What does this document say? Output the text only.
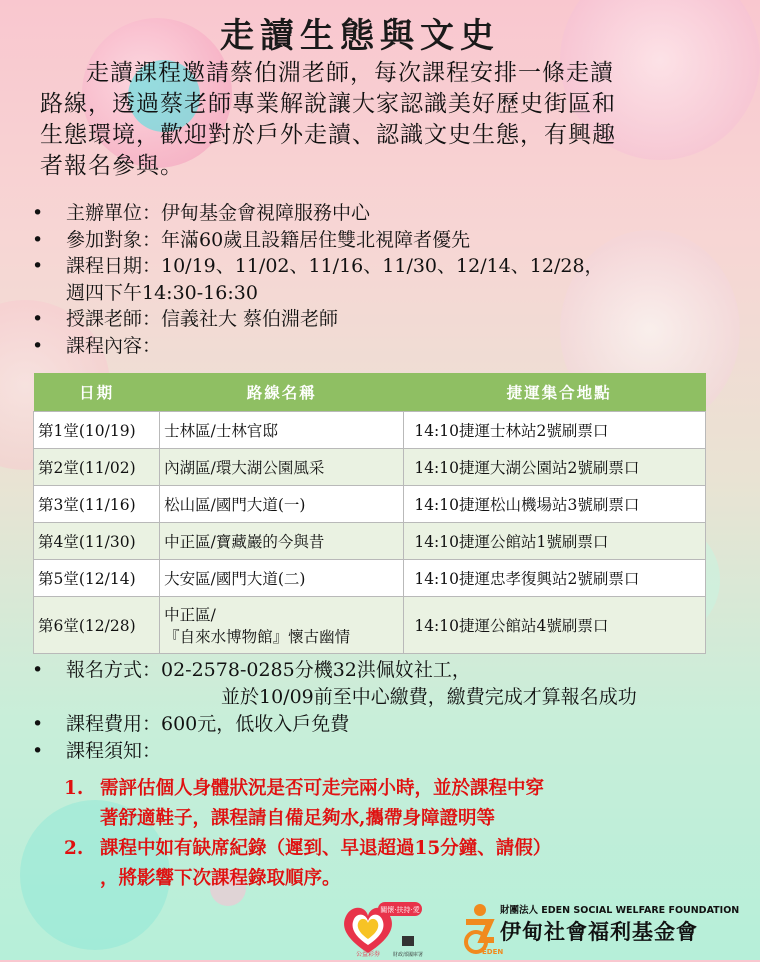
走讀生態與文史
走讀課程邀請蔡伯淵老師，每次課程安排一條走讀
路線，透過蔡老師專業解說讓大家認識美好歷史街區和
生態環境，歡迎對於戶外走讀、認識文史生態，有興趣
者報名參與。
• 主辦單位：伊甸基金會視障服務中心
• 參加對象：年滿60歲且設籍居住雙北視障者優先
• 課程日期：10/19、11/02、11/16、11/30、12/14、12/28，
週四下午14:30-16:30
• 授課老師：信義社大 蔡伯淵老師
• 課程內容：
日期	路線名稱	捷運集合地點
第1堂(10/19)	士林區/士林官邸	14:10捷運士林站2號刷票口
第2堂(11/02)	內湖區/環大湖公園風采	14:10捷運大湖公園站2號刷票口
第3堂(11/16)	松山區/國門大道(一)	14:10捷運松山機場站3號刷票口
第4堂(11/30)	中正區/寶藏巖的今與昔	14:10捷運公館站1號刷票口
第5堂(12/14)	大安區/國門大道(二)	14:10捷運忠孝復興站2號刷票口
第6堂(12/28)	中正區/
『自來水博物館』懷古幽情	14:10捷運公館站4號刷票口
• 報名方式：02-2578-0285分機32洪佩妏社工，
並於10/09前至中心繳費，繳費完成才算報名成功
• 課程費用：600元，低收入戶免費
• 課程須知：
1. 需評估個人身體狀況是否可走完兩小時，並於課程中穿
著舒適鞋子，課程請自備足夠水,攜帶身障證明等
2. 課程中如有缺席紀錄（遲到、早退超過15分鐘、請假）
，將影響下次課程錄取順序。
關懷·扶持·愛
公益彩券	財政部國庫署	EDEN
財團法人 EDEN SOCIAL WELFARE FOUNDATION
伊甸社會福利基金會
